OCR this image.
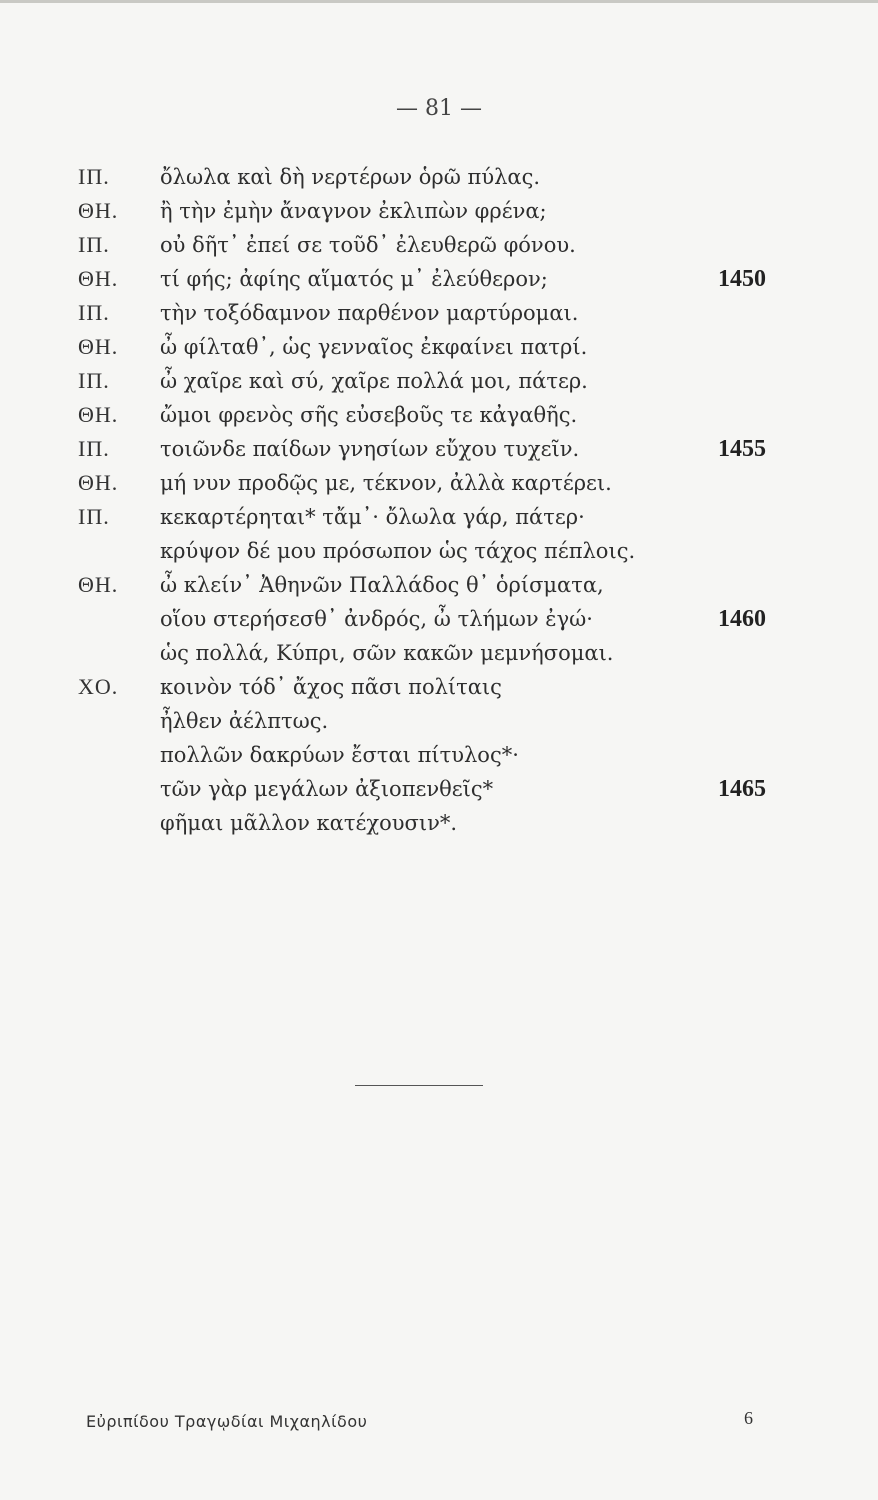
— 81 —
ΙΠ. ὄλωλα καὶ δὴ νερτέρων ὁρῶ πύλας.
ΘΗ. ἢ τὴν ἐμὴν ἄναγνον ἐκλιπὼν φρένα;
ΙΠ. οὐ δῆτ᾽ ἐπεί σε τοῦδ᾽ ἐλευθερῶ φόνου.
ΘΗ. τί φής; ἀφίης αἵματός μ᾽ ἐλεύθερον;	1450
ΙΠ. τὴν τοξόδαμνον παρθένον μαρτύρομαι.
ΘΗ. ὦ φίλταθ᾽, ὡς γενναῖος ἐκφαίνει πατρί.
ΙΠ. ὦ χαῖρε καὶ σύ, χαῖρε πολλά μοι, πάτερ.
ΘΗ. ὤμοι φρενὸς σῆς εὐσεβοῦς τε κἀγαθῆς.
ΙΠ. τοιῶνδε παίδων γνησίων εὔχου τυχεῖν.	1455
ΘΗ. μή νυν προδῷς με, τέκνον, ἀλλὰ καρτέρει.
ΙΠ. κεκαρτέρηται* τἄμ᾽· ὄλωλα γάρ, πάτερ·
κρύψον δέ μου πρόσωπον ὡς τάχος πέπλοις.
ΘΗ. ὦ κλείν᾽ Ἀθηνῶν Παλλάδος θ᾽ ὁρίσματα,
οἵου στερήσεσθ᾽ ἀνδρός, ὦ τλήμων ἐγώ·	1460
ὡς πολλά, Κύπρι, σῶν κακῶν μεμνήσομαι.
ΧΟ. κοινὸν τόδ᾽ ἄχος πᾶσι πολίταις
ἦλθεν ἀέλπτως.
πολλῶν δακρύων ἔσται πίτυλος*·
τῶν γὰρ μεγάλων ἀξιοπενθεῖς*	1465
φῆμαι μᾶλλον κατέχουσιν*.
Εὐριπίδου Τραγῳδίαι Μιχαηλίδου	6
